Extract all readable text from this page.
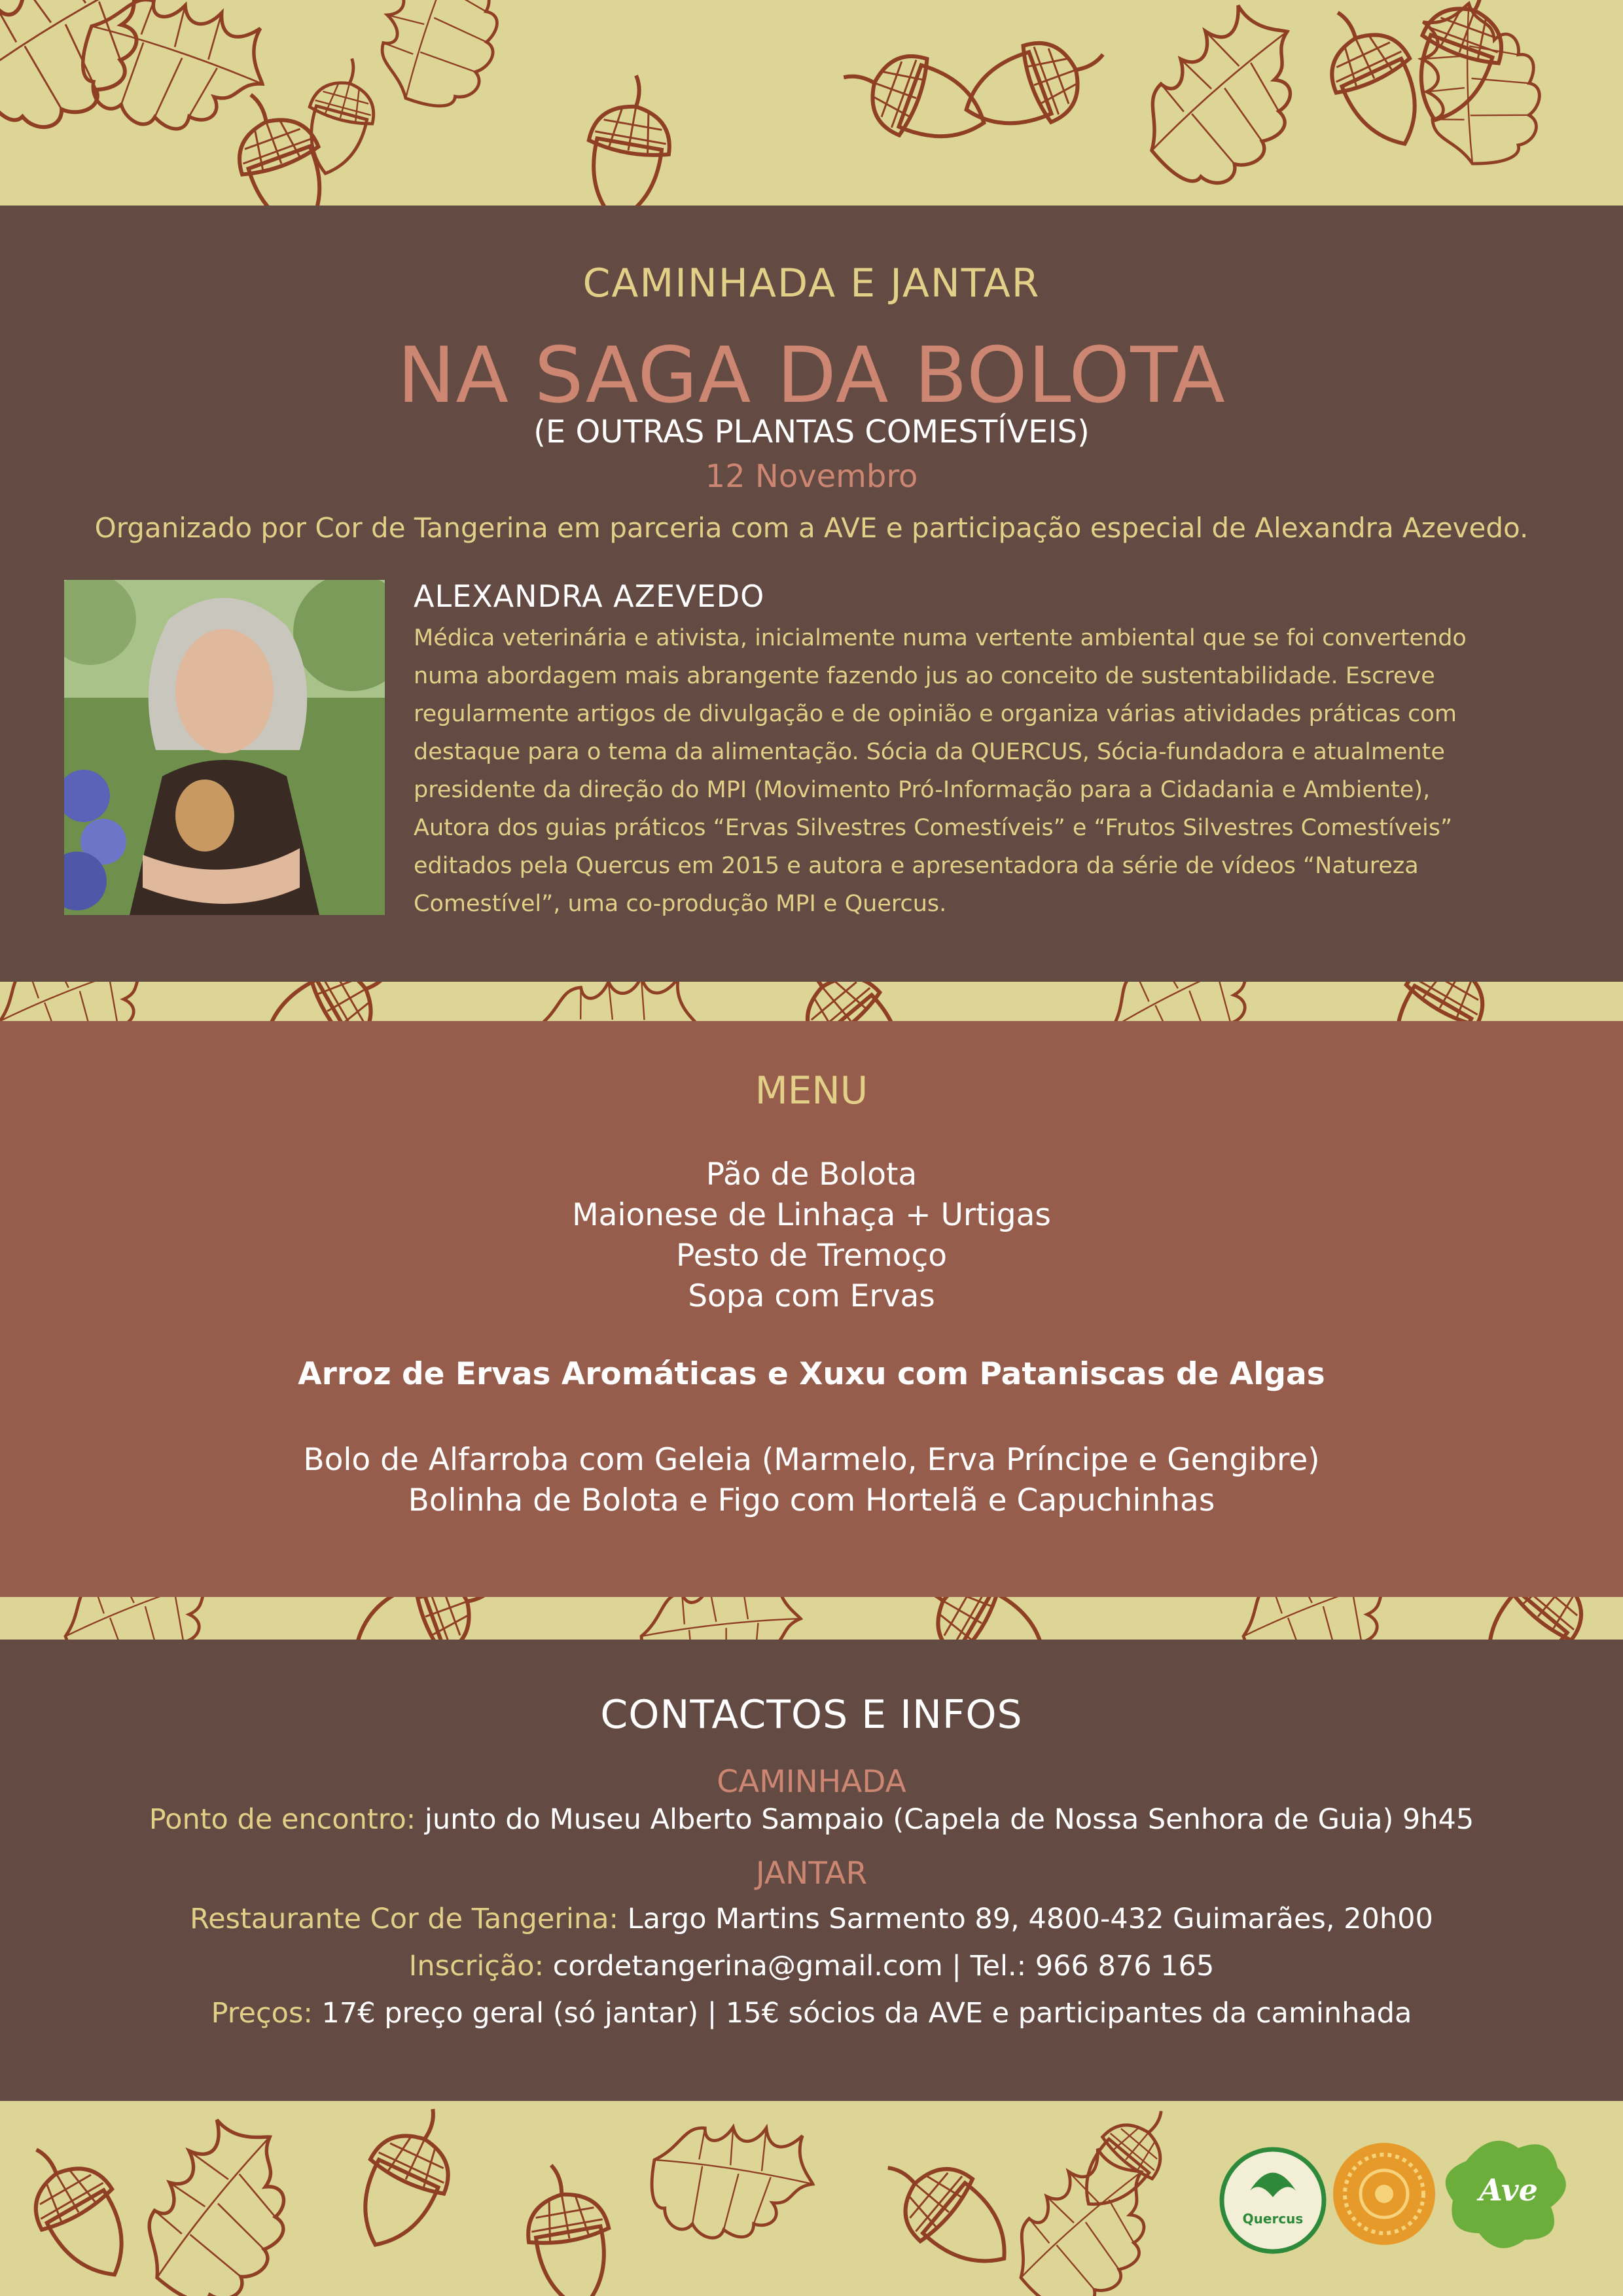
CAMINHADA E JANTAR
NA SAGA DA BOLOTA
(E OUTRAS PLANTAS COMESTÍVEIS)
12 Novembro
Organizado por Cor de Tangerina em parceria com a AVE e participação especial de Alexandra Azevedo.
ALEXANDRA AZEVEDO
Médica veterinária e ativista, inicialmente numa vertente ambiental que se foi convertendo
numa abordagem mais abrangente fazendo jus ao conceito de sustentabilidade. Escreve
regularmente artigos de divulgação e de opinião e organiza várias atividades práticas com
destaque para o tema da alimentação. Sócia da QUERCUS, Sócia-fundadora e atualmente
presidente da direção do MPI (Movimento Pró-Informação para a Cidadania e Ambiente),
Autora dos guias práticos “Ervas Silvestres Comestíveis” e “Frutos Silvestres Comestíveis”
editados pela Quercus em 2015 e autora e apresentadora da série de vídeos “Natureza
Comestível”, uma co-produção MPI e Quercus.
MENU
Pão de Bolota
Maionese de Linhaça + Urtigas
Pesto de Tremoço
Sopa com Ervas
Arroz de Ervas Aromáticas e Xuxu com Pataniscas de Algas
Bolo de Alfarroba com Geleia (Marmelo, Erva Príncipe e Gengibre)
Bolinha de Bolota e Figo com Hortelã e Capuchinhas
CONTACTOS E INFOS
CAMINHADA
Ponto de encontro: junto do Museu Alberto Sampaio (Capela de Nossa Senhora de Guia) 9h45
JANTAR
Restaurante Cor de Tangerina: Largo Martins Sarmento 89, 4800-432 Guimarães, 20h00
Inscrição: cordetangerina@gmail.com | Tel.: 966 876 165
Preços: 17€ preço geral (só jantar) | 15€ sócios da AVE e participantes da caminhada
Quercus
Ave
